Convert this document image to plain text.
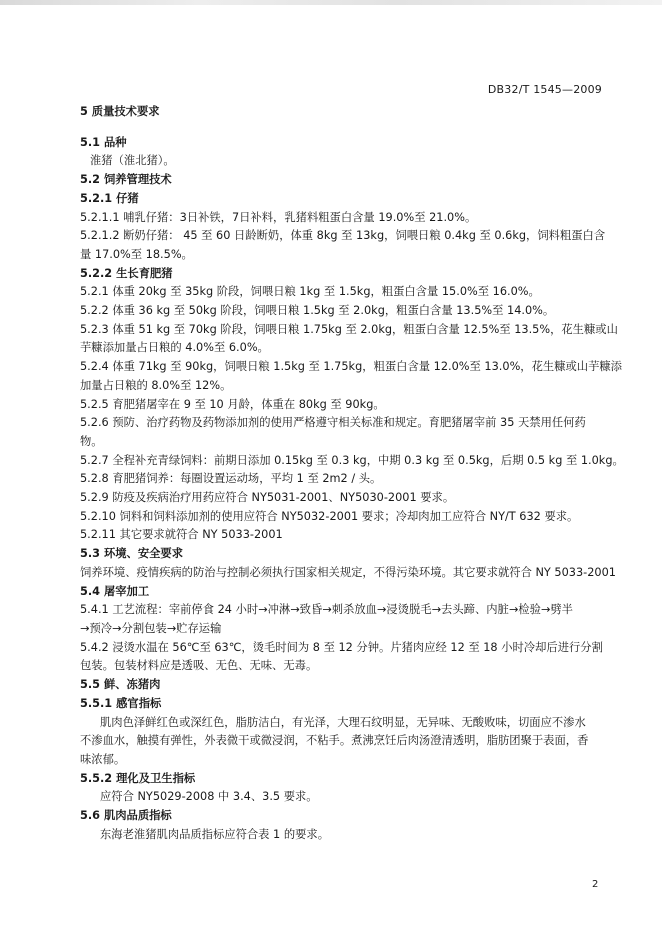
DB32/T 1545—2009
5 质量技术要求
5.1 品种
淮猪（淮北猪）。
5.2 饲养管理技术
5.2.1 仔猪
5.2.1.1 哺乳仔猪：3日补铁，7日补料，乳猪料粗蛋白含量 19.0%至 21.0%。
5.2.1.2 断奶仔猪： 45 至 60 日龄断奶，体重 8kg 至 13kg，饲喂日粮 0.4kg 至 0.6kg，饲料粗蛋白含
量 17.0%至 18.5%。
5.2.2 生长育肥猪
5.2.1 体重 20kg 至 35kg 阶段，饲喂日粮 1kg 至 1.5kg，粗蛋白含量 15.0%至 16.0%。
5.2.2 体重 36 kg 至 50kg 阶段，饲喂日粮 1.5kg 至 2.0kg，粗蛋白含量 13.5%至 14.0%。
5.2.3 体重 51 kg 至 70kg 阶段，饲喂日粮 1.75kg 至 2.0kg，粗蛋白含量 12.5%至 13.5%，花生糠或山
芋糠添加量占日粮的 4.0%至 6.0%。
5.2.4 体重 71kg 至 90kg，饲喂日粮 1.5kg 至 1.75kg，粗蛋白含量 12.0%至 13.0%，花生糠或山芋糠添
加量占日粮的 8.0%至 12%。
5.2.5 育肥猪屠宰在 9 至 10 月龄，体重在 80kg 至 90kg。
5.2.6 预防、治疗药物及药物添加剂的使用严格遵守相关标准和规定。育肥猪屠宰前 35 天禁用任何药
物。
5.2.7 全程补充青绿饲料：前期日添加 0.15kg 至 0.3 kg，中期 0.3 kg 至 0.5kg，后期 0.5 kg 至 1.0kg。
5.2.8 育肥猪饲养：每圈设置运动场，平均 1 至 2m2 / 头。
5.2.9 防疫及疾病治疗用药应符合 NY5031-2001、NY5030-2001 要求。
5.2.10 饲料和饲料添加剂的使用应符合 NY5032-2001 要求；冷却肉加工应符合 NY/T 632 要求。
5.2.11 其它要求就符合 NY 5033-2001
5.3 环境、安全要求
饲养环境、疫情疾病的防治与控制必须执行国家相关规定，不得污染环境。其它要求就符合 NY 5033-2001
5.4 屠宰加工
5.4.1 工艺流程：宰前停食 24 小时→冲淋→致昏→刺杀放血→浸烫脱毛→去头蹄、内脏→检验→劈半
→预冷→分割包装→贮存运输
5.4.2 浸烫水温在 56℃至 63℃，烫毛时间为 8 至 12 分钟。片猪肉应经 12 至 18 小时冷却后进行分割
包装。包装材料应是透吸、无色、无味、无毒。
5.5 鲜、冻猪肉
5.5.1 感官指标
肌肉色泽鲜红色或深红色，脂肪洁白，有光泽，大理石纹明显，无异味、无酸败味，切面应不渗水
不渗血水，触摸有弹性，外表微干或微浸润，不粘手。煮沸烹饪后肉汤澄清透明，脂肪团聚于表面，香
味浓郁。
5.5.2 理化及卫生指标
应符合 NY5029-2008 中 3.4、3.5 要求。
5.6 肌肉品质指标
东海老淮猪肌肉品质指标应符合表 1 的要求。
2
